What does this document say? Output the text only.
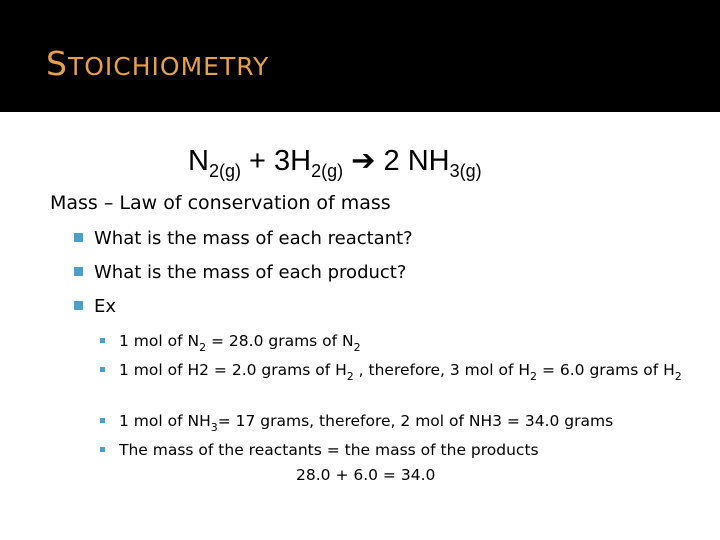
STOICHIOMETRY
$N_{2(g)} + 3H_{2(g)}$ ➔ 2 $NH_{3(g)}$
Mass – Law of conservation of mass
What is the mass of each reactant?
What is the mass of each product?
Ex
1 mol of $N_2 = 28.0$ grams of $N_2$
1 mol of H2 = 2.0 grams of $H_2$ , therefore, 3 mol of $H_2 = 6.0$ grams of $H_2$
1 mol of $NH_3= 17$ grams, therefore, 2 mol of NH3 = 34.0 grams
The mass of the reactants = the mass of the products
28.0 + 6.0 = 34.0
